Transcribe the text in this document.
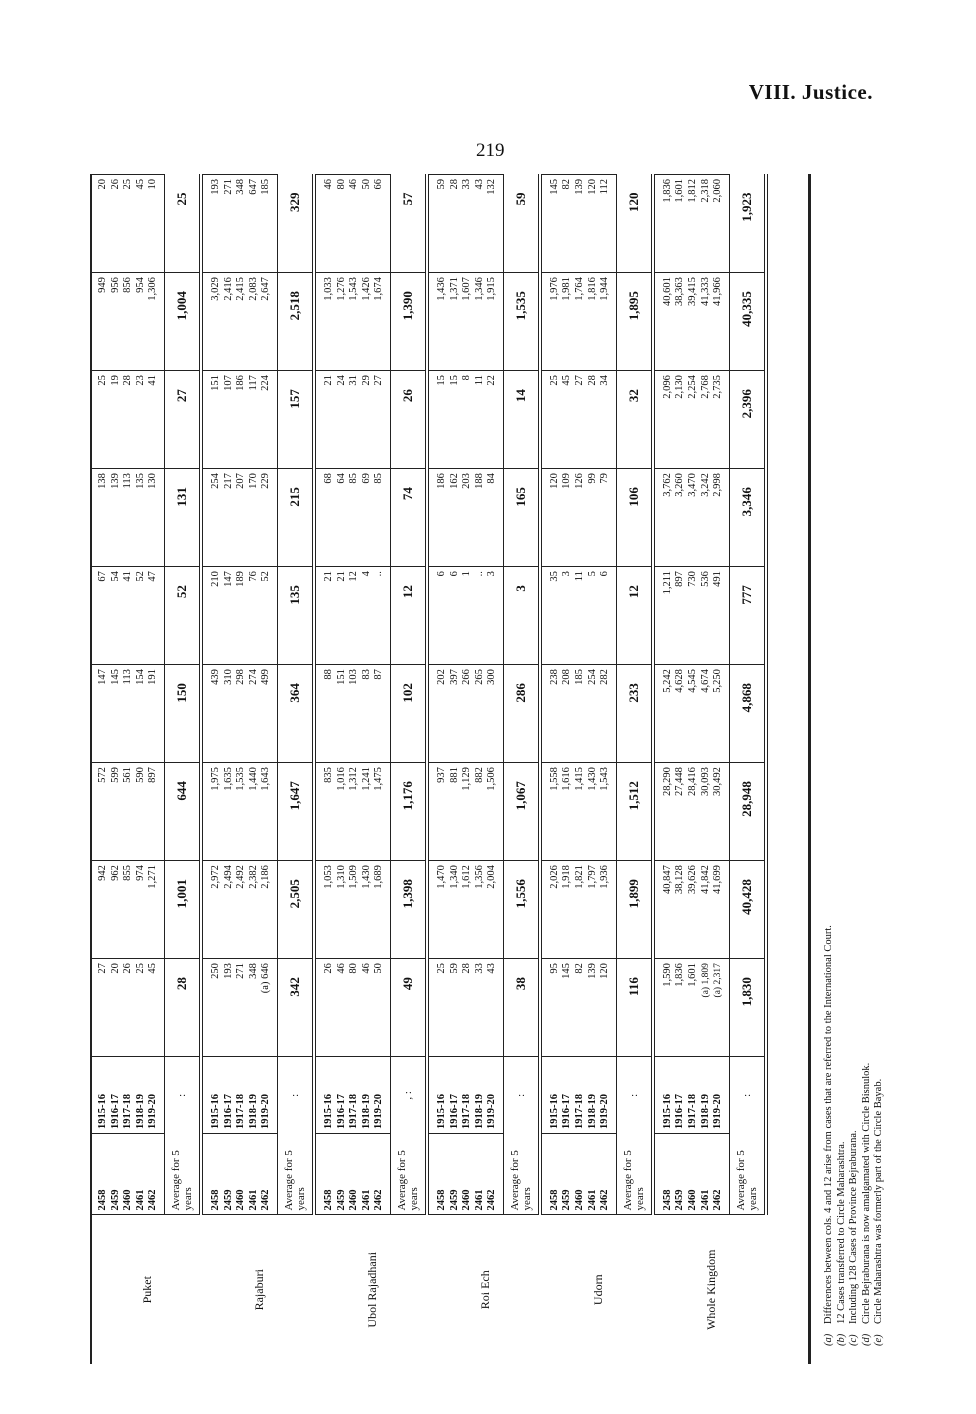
VIII. Justice.
219
Puket	2458 2459 2460 2461 2462	1915-16 1916-17 1917-18 1918-19 1919-20	27 20 26 25 45	942 962 855 974 1,271	572 599 561 590 897	147 145 113 154 191	67 54 41 52 47	138 139 113 135 130	25 19 28 23 41	949 956 856 954 1,306	20 26 25 45 10

	Average for 5 years	:	28	1,001	644	150	52	131	27	1,004	25
Rajaburi	2458 2459 2460 2461 2462	1915-16 1916-17 1917-18 1918-19 1919-20	250 193 271 348 (a) 646	2,972 2,494 2,492 2,382 2,186	1,975 1,635 1,535 1,440 1,643	439 310 298 274 499	210 147 189 76 52	254 217 207 170 229	151 107 186 117 224	3,029 2,416 2,415 2,083 2,647	193 271 348 647 185

	Average for 5 years	:	342	2,505	1,647	364	135	215	157	2,518	329
Ubol Rajadhani	2458 2459 2460 2461 2462	1915-16 1916-17 1917-18 1918-19 1919-20	26 46 80 46 50	1,053 1,310 1,509 1,430 1,689	835 1,016 1,312 1,241 1,475	88 151 103 83 87	21 21 12 4 ..	68 64 85 69 85	21 24 31 29 27	1,033 1,276 1,543 1,426 1,674	46 80 46 50 66

	Average for 5 years	, :	49	1,398	1,176	102	12	74	26	1,390	57
Roi Ech	2458 2459 2460 2461 2462	1915-16 1916-17 1917-18 1918-19 1919-20	25 59 28 33 43	1,470 1,340 1,612 1,356 2,004	937 881 1,129 882 1,506	202 397 266 265 300	6 6 1 .. 3	186 162 203 188 84	15 15 8 11 22	1,436 1,371 1,607 1,346 1,915	59 28 33 43 132

	Average for 5 years	:	38	1,556	1,067	286	3	165	14	1,535	59
Udorn	2458 2459 2460 2461 2462	1915-16 1916-17 1917-18 1918-19 1919-20	95 145 82 139 120	2,026 1,918 1,821 1,797 1,936	1,558 1,616 1,415 1,430 1,543	238 208 185 254 282	35 3 11 5 6	120 109 126 99 79	25 45 27 28 34	1,976 1,981 1,764 1,816 1,944	145 82 139 120 112

	Average for 5 years	:	116	1,899	1,512	233	12	106	32	1,895	120
Whole Kingdom	2458 2459 2460 2461 2462	1915-16 1916-17 1917-18 1918-19 1919-20	1,590 1,836 1,601 (a) 1,809 (a) 2,317	40,847 38,128 39,626 41,842 41,699	28,290 27,448 28,416 30,093 30,492	5,242 4,628 4,545 4,674 5,250	1,211 897 730 536 491	3,762 3,260 3,470 3,242 2,998	2,096 2,130 2,254 2,768 2,735	40,601 38,363 39,415 41,333 41,966	1,836 1,601 1,812 2,318 2,060

	Average for 5 years	:	1,830	40,428	28,948	4,868	777	3,346	2,396	40,335	1,923
(a)Differences between cols. 4 and 12 arise from cases that are referred to the International Court.
(b)12 Cases transferred to Circle Maharashtra.
(c)Including 128 Cases of Province Bejraburana.
(d)Circle Bejraburana is now amalgamated with Circle Bisnulok.
(e)Circle Maharashtra was formerly part of the Circle Bayab.
